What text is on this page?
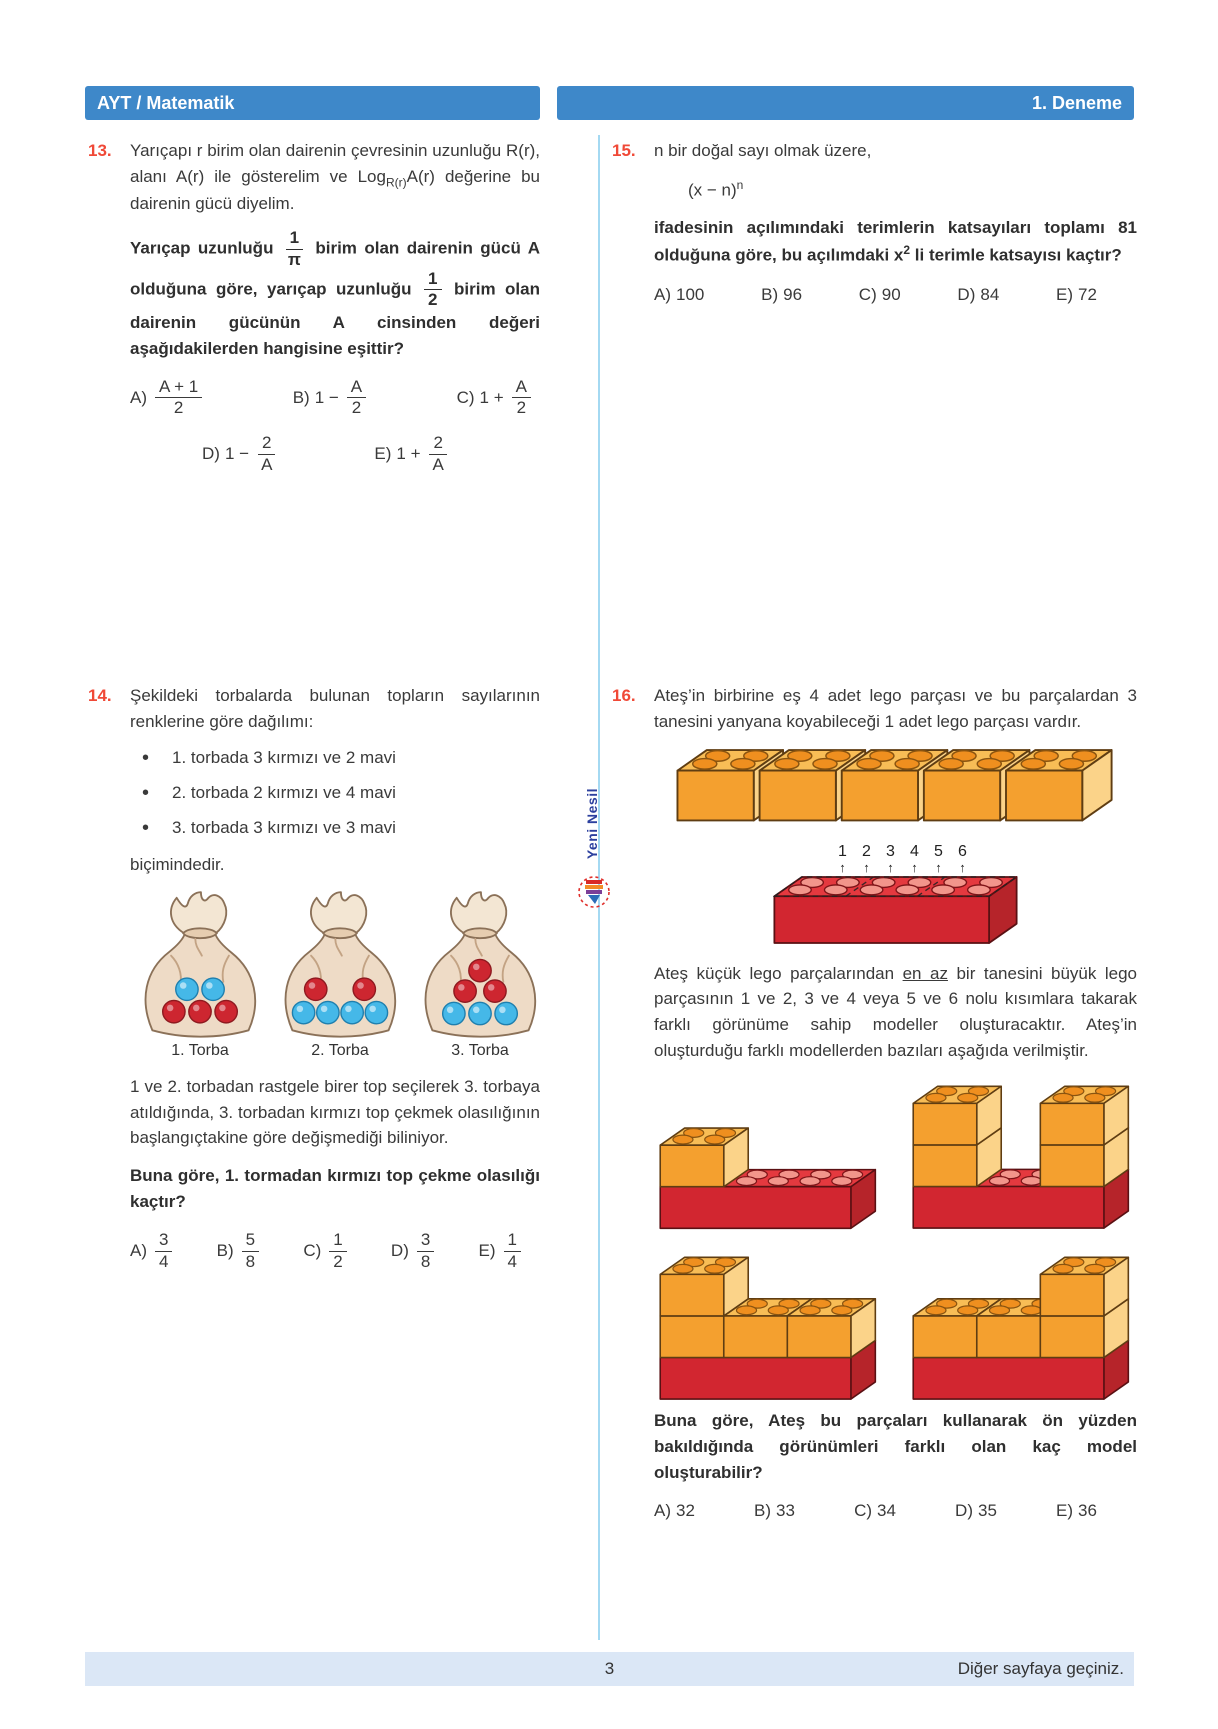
AYT / Matematik	1. Deneme
Yeni Nesil
13.	Yarıçapı r birim olan dairenin çevresinin uzunluğu R(r), alanı A(r) ile gösterelim ve Log$_{R(r)}$A(r) değerine bu dairenin gücü diyelim.

Yarıçap uzunluğu $\frac{1}{\pi}$ birim olan dairenin gücü A olduğuna göre, yarıçap uzunluğu $\frac{1}{2}$ birim olan dairenin gücünün A cinsinden değeri aşağıdakilerden hangisine eşittir?

$A) \frac{A + 1}{2}$	B) $1 - \frac{A}{2}$	C) $1 + \frac{A}{2}$
D) $1 - \frac{2}{A}$	E) $1 + \frac{2}{A}$
14.	Şekildeki torbalarda bulunan topların sayılarının renklerine göre dağılımı:

• 1. torbada 3 kırmızı ve 2 mavi
• 2. torbada 2 kırmızı ve 4 mavi
• 3. torbada 3 kırmızı ve 3 mavi

biçimindedir.

1. Torba	2. Torba	3. Torba

1 ve 2. torbadan rastgele birer top seçilerek 3. torbaya atıldığında, 3. torbadan kırmızı top çekmek olasılığının başlangıçtakine göre değişmediği biliniyor.

Buna göre, 1. tormadan kırmızı top çekme olasılığı kaçtır?

$A) \frac{3}{4}$	$B) \frac{5}{8}$	$C) \frac{1}{2}$	$D) \frac{3}{8}$	$E) \frac{1}{4}$
15.	n bir doğal sayı olmak üzere,

$(x - n)^n$

ifadesinin açılımındaki terimlerin katsayıları toplamı 81 olduğuna göre, bu açılımdaki $x^2$ li terimle katsayısı kaçtır?

A) 100	B) 96	C) 90	D) 84	E) 72
16.	Ateş’in birbirine eş 4 adet lego parçası ve bu parçalardan 3 tanesini yanyana koyabileceği 1 adet lego parçası vardır.

1
↑
2
↑
3
↑
4
↑
5
↑
6
↑

Ateş küçük lego parçalarından en az bir tanesini büyük lego parçasının 1 ve 2, 3 ve 4 veya 5 ve 6 nolu kısımlara takarak farklı görünüme sahip modeller oluşturacaktır. Ateş’in oluşturduğu farklı modellerden bazıları aşağıda verilmiştir.

Buna göre, Ateş bu parçaları kullanarak ön yüzden bakıldığında görünümleri farklı olan kaç model oluşturabilir?

A) 32	B) 33	C) 34	D) 35	E) 36
3	Diğer sayfaya geçiniz.
